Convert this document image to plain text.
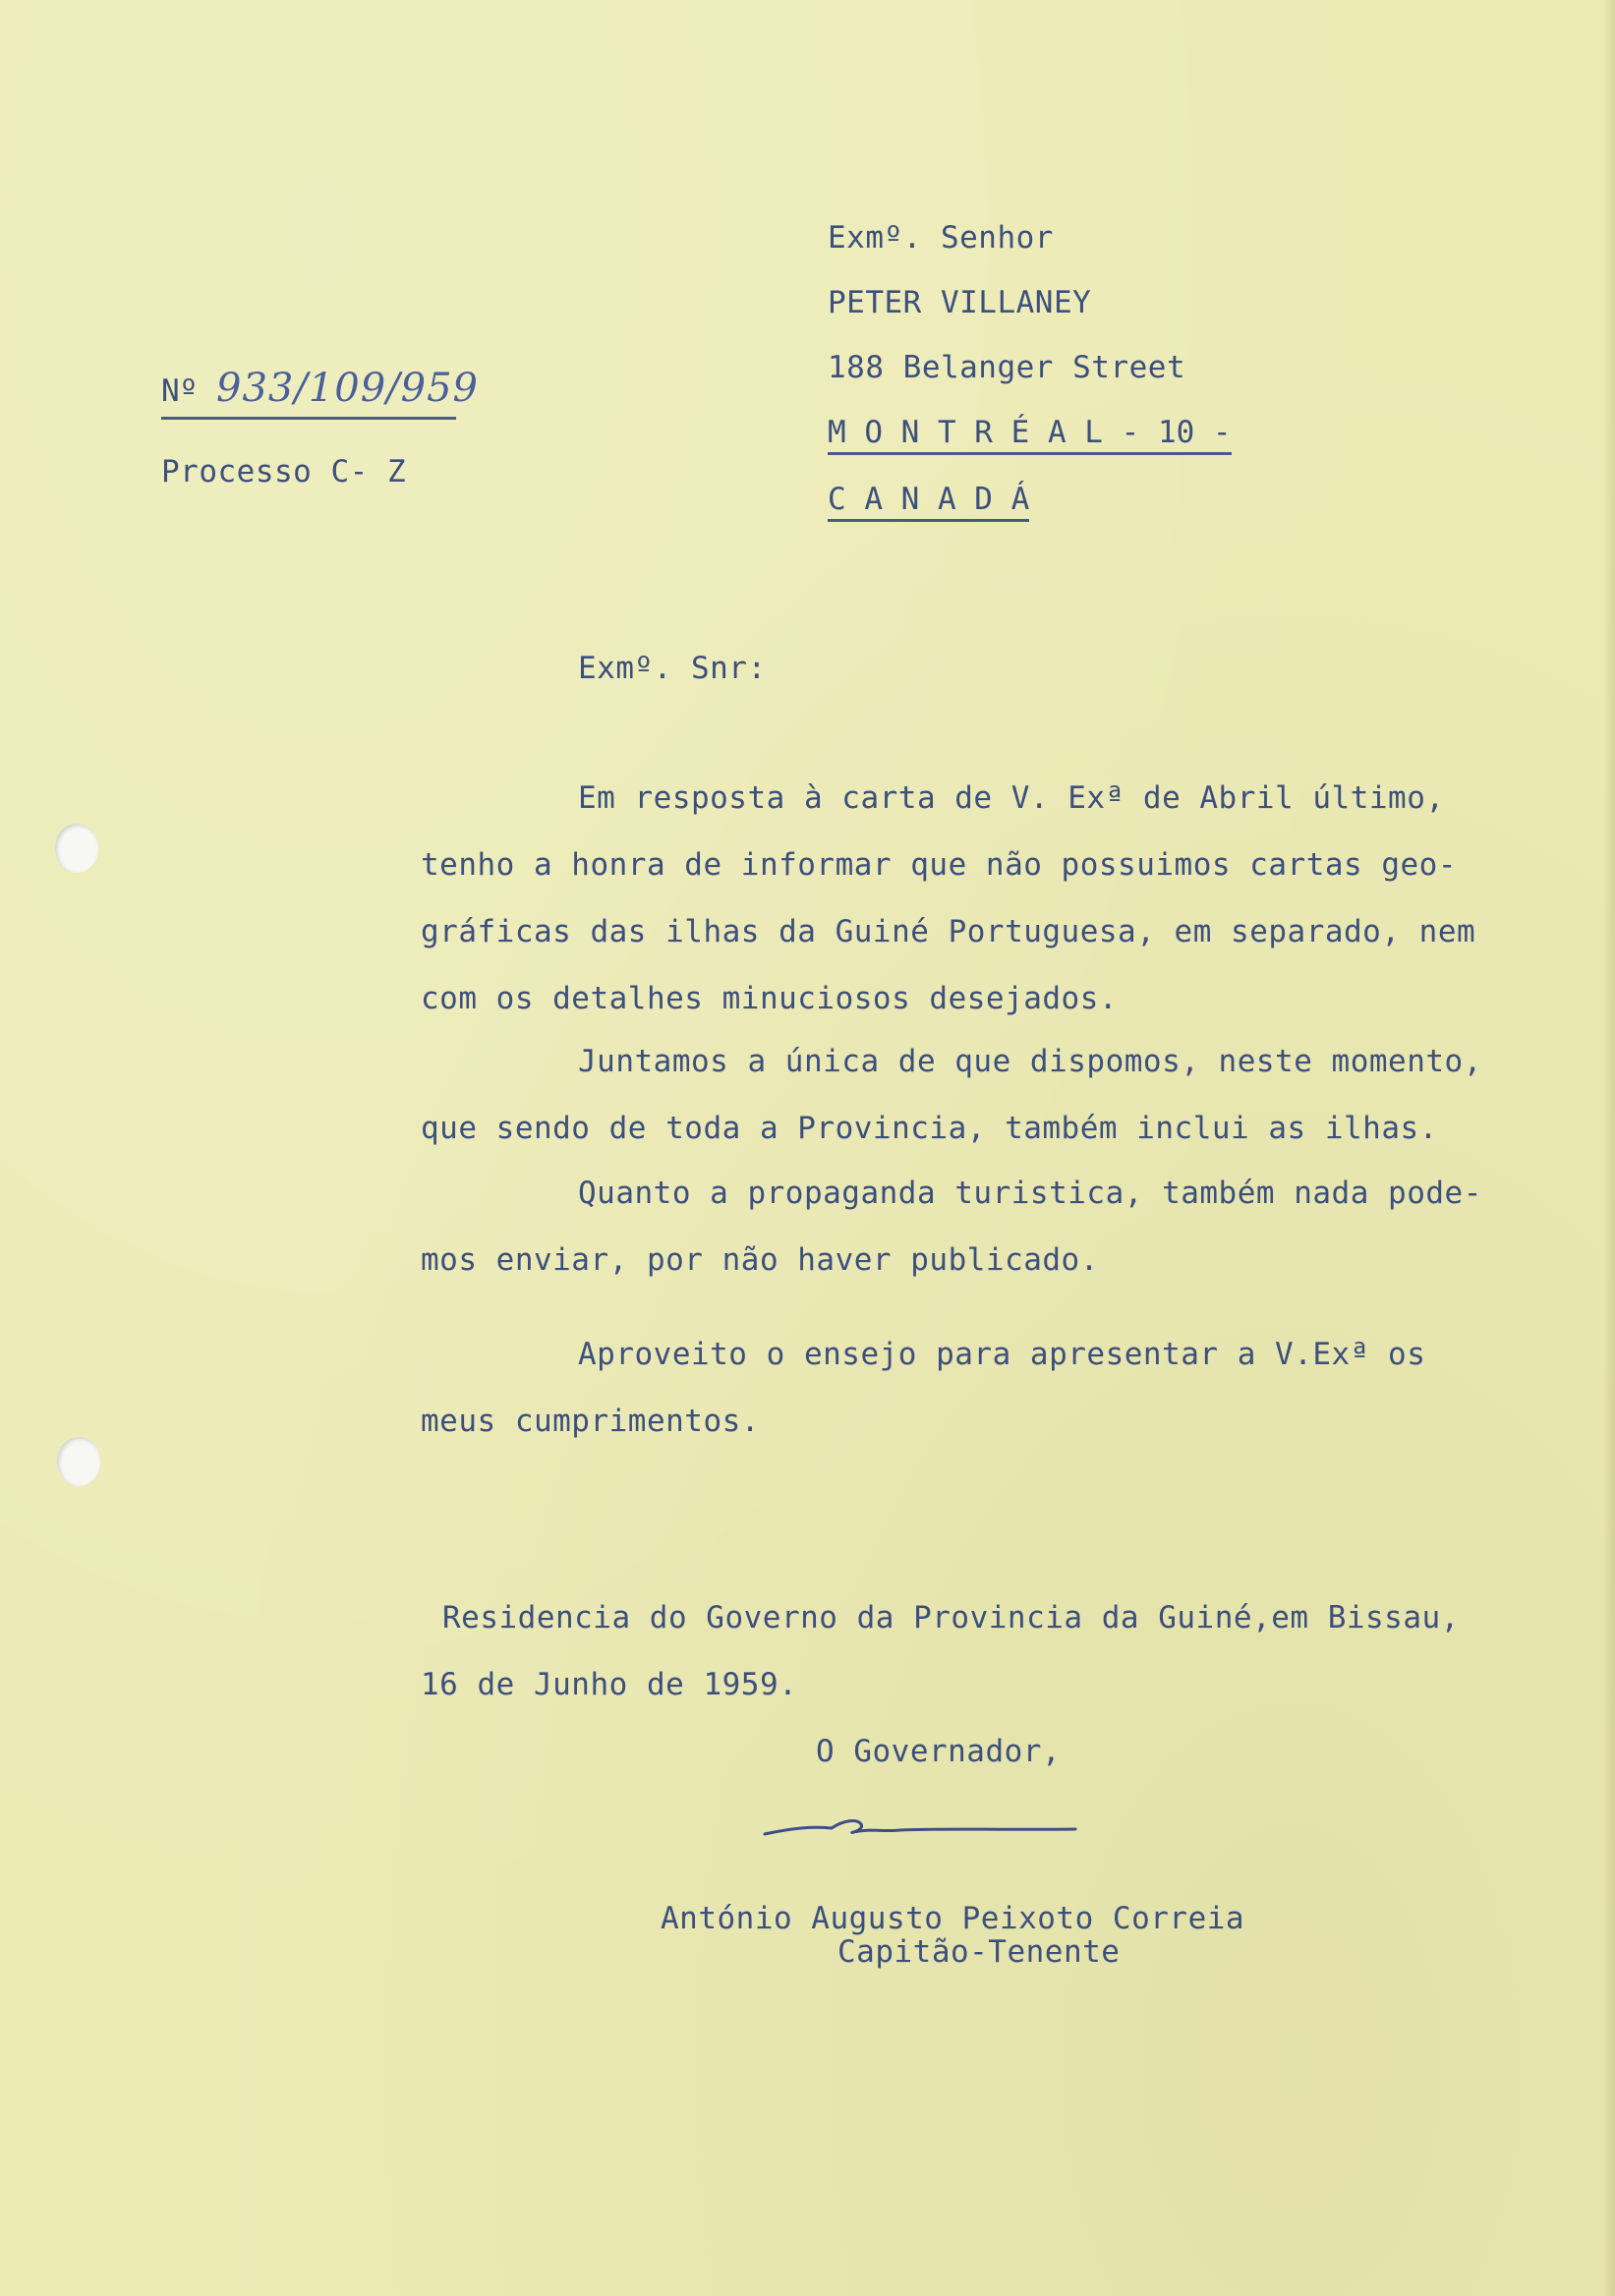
Exmº. Senhor

PETER VILLANEY

188 Belanger Street

M O N T R É A L - 10 -

C A N A D Á

Nº 933/109/959

Processo C- Z

Exmº. Snr:

Em resposta à carta de V. Exª de Abril último,

tenho a honra de informar que não possuimos cartas geo-

gráficas das ilhas da Guiné Portuguesa, em separado, nem

com os detalhes minuciosos desejados.

Juntamos a única de que dispomos, neste momento,

que sendo de toda a Provincia, também inclui as ilhas.

Quanto a propaganda turistica, também nada pode-

mos enviar, por não haver publicado.

Aproveito o ensejo para apresentar a V.Exª os

meus cumprimentos.

Residencia do Governo da Provincia da Guiné,em Bissau,

16 de Junho de 1959.

O Governador,

António Augusto Peixoto Correia

Capitão-Tenente
